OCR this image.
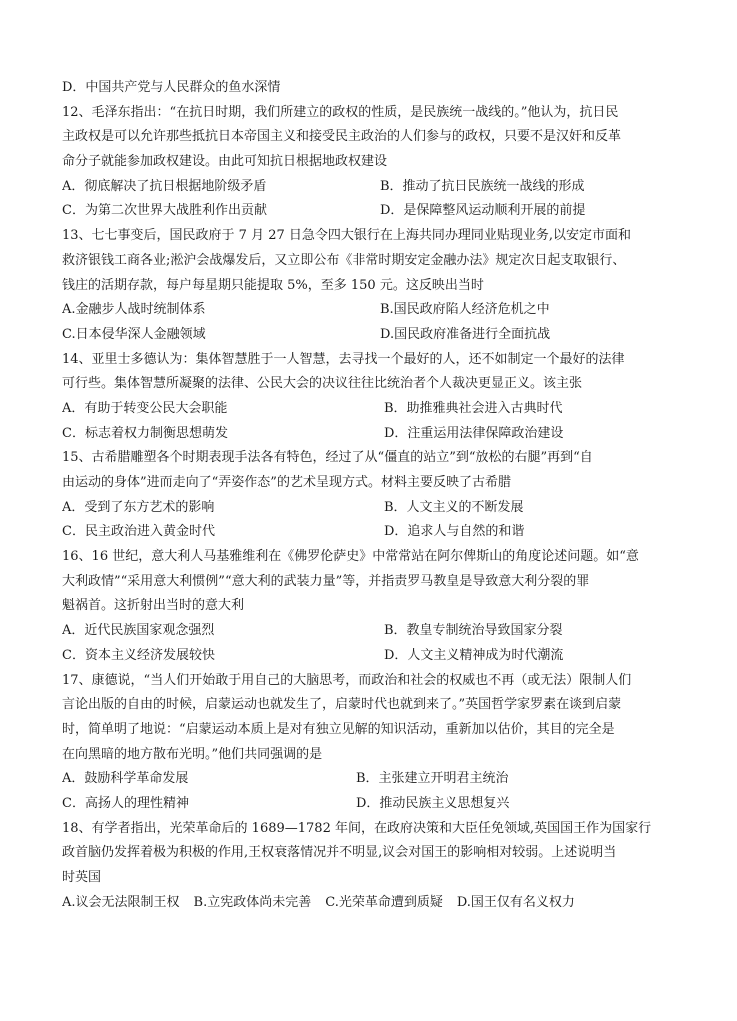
D．中国共产党与人民群众的鱼水深情
12、毛泽东指出：“在抗日时期，我们所建立的政权的性质，是民族统一战线的。”他认为，抗日民
主政权是可以允许那些抵抗日本帝国主义和接受民主政治的人们参与的政权，只要不是汉奸和反革
命分子就能参加政权建设。由此可知抗日根据地政权建设
A．彻底解决了抗日根据地阶级矛盾	B．推动了抗日民族统一战线的形成
C．为第二次世界大战胜利作出贡献	D．是保障整风运动顺利开展的前提
13、七七事变后，国民政府于 7 月 27 日急令四大银行在上海共同办理同业贴现业务,以安定市面和
救济银钱工商各业;淞沪会战爆发后，又立即公布《非常时期安定金融办法》规定次日起支取银行、
钱庄的活期存款，每户每星期只能提取 5%，至多 150 元。这反映出当时
A.金融步人战时统制体系	B.国民政府陷人经济危机之中
C.日本侵华深人金融领域	D.国民政府准备进行全面抗战
14、亚里士多德认为：集体智慧胜于一人智慧，去寻找一个最好的人，还不如制定一个最好的法律
可行些。集体智慧所凝聚的法律、公民大会的决议往往比统治者个人裁决更显正义。该主张
A．有助于转变公民大会职能	B．助推雅典社会进入古典时代
C．标志着权力制衡思想萌发	D．注重运用法律保障政治建设
15、古希腊雕塑各个时期表现手法各有特色，经过了从“僵直的站立”到“放松的右腿”再到“自
由运动的身体”进而走向了“弄姿作态”的艺术呈现方式。材料主要反映了古希腊
A．受到了东方艺术的影响	B．人文主义的不断发展
C．民主政治进入黄金时代	D．追求人与自然的和谐
16、16 世纪，意大利人马基雅维利在《佛罗伦萨史》中常常站在阿尔俾斯山的角度论述问题。如“意
大利政情”“采用意大利惯例”“意大利的武装力量”等，并指责罗马教皇是导致意大利分裂的罪
魁祸首。这折射出当时的意大利
A．近代民族国家观念强烈	B．教皇专制统治导致国家分裂
C．资本主义经济发展较快	D．人文主义精神成为时代潮流
17、康德说，“当人们开始敢于用自己的大脑思考，而政治和社会的权威也不再（或无法）限制人们
言论出版的自由的时候，启蒙运动也就发生了，启蒙时代也就到来了。”英国哲学家罗素在谈到启蒙
时，简单明了地说：“启蒙运动本质上是对有独立见解的知识活动，重新加以估价，其目的完全是
在向黑暗的地方散布光明。”他们共同强调的是
A．鼓励科学革命发展	B．主张建立开明君主统治
C．高扬人的理性精神	D．推动民族主义思想复兴
18、有学者指出，光荣革命后的 1689—1782 年间，在政府决策和大臣任免领域,英国国王作为国家行
政首脑仍发挥着极为积极的作用,王权衰落情况并不明显,议会对国王的影响相对较弱。上述说明当
时英国
A.议会无法限制王权 B.立宪政体尚未完善 C.光荣革命遭到质疑 D.国王仅有名义权力
